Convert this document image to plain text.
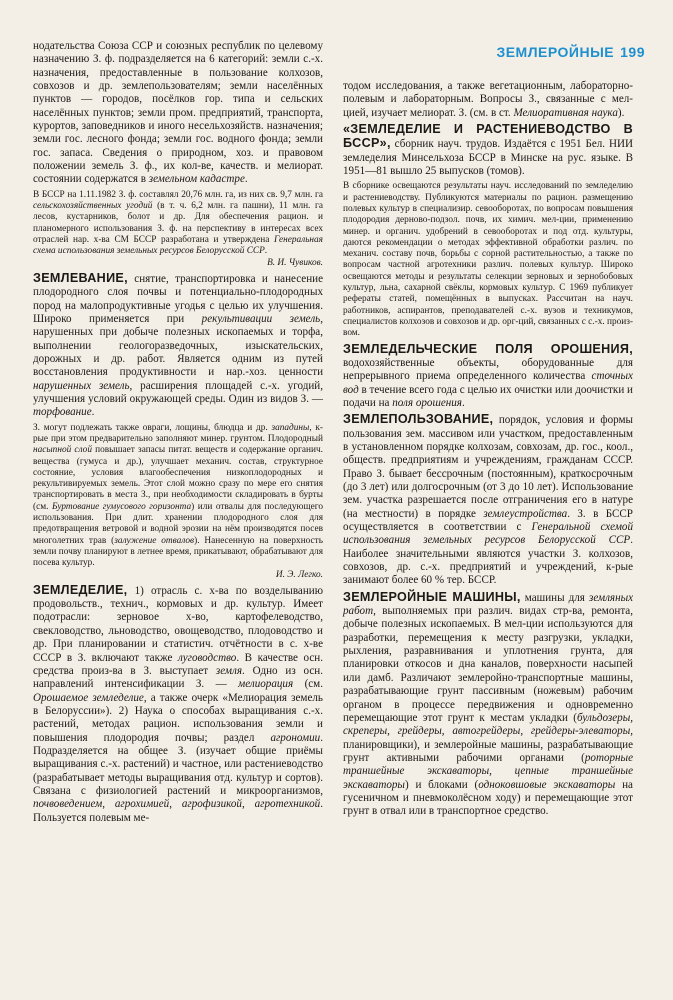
ЗЕМЛЕРОЙНЫЕ 199

нодательства Союза ССР и союзных республик по целевому назначению З. ф. подразделяется на 6 категорий: земли с.-х. назначения, предоставленные в пользование колхозов, совхозов и др. землепользователям; земли населённых пунктов — городов, посёлков гор. типа и сельских населённых пунктов; земли пром. предприятий, транспорта, курортов, заповедников и иного несельхозяйств. назначения; земли гос. лесного фонда; земли гос. водного фонда; земли гос. запаса. Сведения о природном, хоз. и правовом положении земель З. ф., их кол-ве, качеств. и мелиорат. состоянии содержатся в земельном кадастре.

В БССР на 1.11.1982 З. ф. составлял 20,76 млн. га, из них св. 9,7 млн. га сельскохозяйственных угодий (в т. ч. 6,2 млн. га пашни), 11 млн. га лесов, кустарников, болот и др. Для обеспечения рацион. и планомерного использования З. ф. на перспективу в интересах всех отраслей нар. х-ва СМ БССР разработана и утверждена Генеральная схема использования земельных ресурсов Белорусской ССР.

В. И. Чувиков.

ЗЕМЛЕВАНИЕ, снятие, транспортировка и нанесение плодородного слоя почвы и потенциально-плодородных пород на малопродуктивные угодья с целью их улучшения. Широко применяется при рекультивации земель, нарушенных при добыче полезных ископаемых и торфа, выполнении геологоразведочных, изыскательских, дорожных и др. работ. Является одним из путей восстановления продуктивности и нар.-хоз. ценности нарушенных земель, расширения площадей с.-х. угодий, улучшения условий окружающей среды. Один из видов З. — торфование.

З. могут подлежать также овраги, лощины, блюдца и др. западины, к-рые при этом предварительно заполняют минер. грунтом. Плодородный насыпной слой повышает запасы питат. веществ и содержание органич. вещества (гумуса и др.), улучшает механич. состав, структурное состояние, условия влагообеспечения низкоплодородных и рекультивируемых земель. Этот слой можно сразу по мере его снятия транспортировать в места З., при необходимости складировать в бурты (см. Буртование гумусового горизонта) или отвалы для последующего использования. При длит. хранении плодородного слоя для предотвращения ветровой и водной эрозии на нём производятся посев многолетних трав (залужение отвалов). Нанесенную на поверхность земли почву планируют в летнее время, прикатывают, обрабатывают для посева культур.

И. Э. Легко.

ЗЕМЛЕДЕЛИЕ, 1) отрасль с. х-ва по возделыванию продовольств., технич., кормовых и др. культур. Имеет подотрасли: зерновое х-во, картофелеводство, свекловодство, льноводство, овощеводство, плодоводство и др. При планировании и статистич. отчётности в с. х-ве СССР в З. включают также луговодство. В качестве осн. средства произ-ва в З. выступает земля. Одно из осн. направлений интенсификации З. — мелиорация (см. Орошаемое земледелие, а также очерк «Мелиорация земель в Белоруссии»). 2) Наука о способах выращивания с.-х. растений, методах рацион. использования земли и повышения плодородия почвы; раздел агрономии. Подразделяется на общее З. (изучает общие приёмы выращивания с.-х. растений) и частное, или растениеводство (разрабатывает методы выращивания отд. культур и сортов). Связана с физиологией растений и микроорганизмов, почвоведением, агрохимией, агрофизикой, агротехникой. Пользуется полевым ме-

тодом исследования, а также вегетационным, лабораторно-полевым и лабораторным. Вопросы З., связанные с мел-цией, изучает мелиорат. З. (см. в ст. Мелиоративная наука).

«ЗЕМЛЕДЕЛИЕ И РАСТЕНИЕВОДСТВО В БССР», сборник науч. трудов. Издаётся с 1951 Бел. НИИ земледелия Минсельхоза БССР в Минске на рус. языке. В 1951—81 вышло 25 выпусков (томов).

В сборнике освещаются результаты науч. исследований по земледелию и растениеводству. Публикуются материалы по рацион. размещению полевых культур в специализир. севооборотах, по вопросам повышения плодородия дерново-подзол. почв, их химич. мел-ции, применению минер. и органич. удобрений в севооборотах и под отд. культуры, даются рекомендации о методах эффективной обработки различ. по механич. составу почв, борьбы с сорной растительностью, а также по вопросам частной агротехники различ. полевых культур. Широко освещаются методы и результаты селекции зерновых и зернобобовых культур, льна, сахарной свёклы, кормовых культур. С 1969 публикует рефераты статей, помещённых в выпусках. Рассчитан на науч. работников, аспирантов, преподавателей с.-х. вузов и техникумов, специалистов колхозов и совхозов и др. орг-ций, связанных с с.-х. произ-вом.

ЗЕМЛЕДЕЛЬЧЕСКИЕ ПОЛЯ ОРОШЕНИЯ, водохозяйственные объекты, оборудованные для непрерывного приема определенного количества сточных вод в течение всего года с целью их очистки или доочистки и подачи на поля орошения.

ЗЕМЛЕПОЛЬЗОВАНИЕ, порядок, условия и формы пользования зем. массивом или участком, предоставленным в установленном порядке колхозам, совхозам, др. гос., коол., обществ. предприятиям и учреждениям, гражданам СССР. Право З. бывает бессрочным (постоянным), краткосрочным (до 3 лет) или долгосрочным (от 3 до 10 лет). Использование зем. участка разрешается после отграничения его в натуре (на местности) в порядке землеустройства. З. в БССР осуществляется в соответствии с Генеральной схемой использования земельных ресурсов Белорусской ССР. Наиболее значительными являются участки З. колхозов, совхозов, др. с.-х. предприятий и учреждений, к-рые занимают более 60 % тер. БССР.

ЗЕМЛЕРОЙНЫЕ МАШИНЫ, машины для земляных работ, выполняемых при различ. видах стр-ва, ремонта, добыче полезных ископаемых. В мел-ции используются для разработки, перемещения к месту разгрузки, укладки, рыхления, разравнивания и уплотнения грунта, для планировки откосов и дна каналов, поверхности насыпей или дамб. Различают землеройно-транспортные машины, разрабатывающие грунт пассивным (ножевым) рабочим органом в процессе передвижения и одновременно перемещающие этот грунт к местам укладки (бульдозеры, скреперы, грейдеры, автогрейдеры, грейдеры-элеваторы, планировщики), и землеройные машины, разрабатывающие грунт активными рабочими органами (роторные траншейные экскаваторы, цепные траншейные экскаваторы) и блоками (одноковшовые экскаваторы на гусеничном и пневмоколёсном ходу) и перемещающие этот грунт в отвал или в транспортное средство.
